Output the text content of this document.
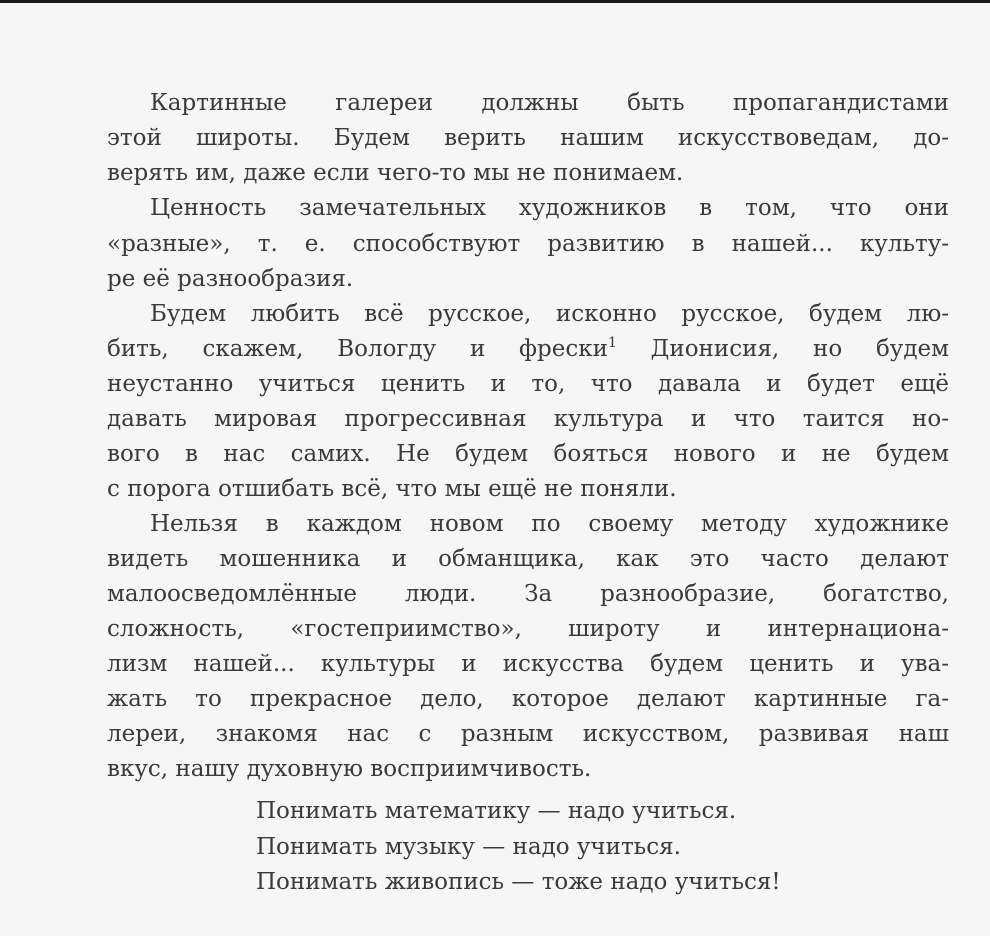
Картинные галереи должны быть пропагандистами

этой широты. Будем верить нашим искусствоведам, до-

верять им, даже если чего-то мы не понимаем.

Ценность замечательных художников в том, что они

«разные», т. е. способствуют развитию в нашей... культу-

ре её разнообразия.

Будем любить всё русское, исконно русское, будем лю-

бить, скажем, Вологду и фрески$^1$ Дионисия, но будем

неустанно учиться ценить и то, что давала и будет ещё

давать мировая прогрессивная культура и что таится но-

вого в нас самих. Не будем бояться нового и не будем

с порога отшибать всё, что мы ещё не поняли.

Нельзя в каждом новом по своему методу художнике

видеть мошенника и обманщика, как это часто делают

малоосведомлённые люди. За разнообразие, богатство,

сложность, «гостеприимство», широту и интернациона-

лизм нашей... культуры и искусства будем ценить и ува-

жать то прекрасное дело, которое делают картинные га-

лереи, знакомя нас с разным искусством, развивая наш

вкус, нашу духовную восприимчивость.

Понимать математику — надо учиться.

Понимать музыку — надо учиться.

Понимать живопись — тоже надо учиться!
